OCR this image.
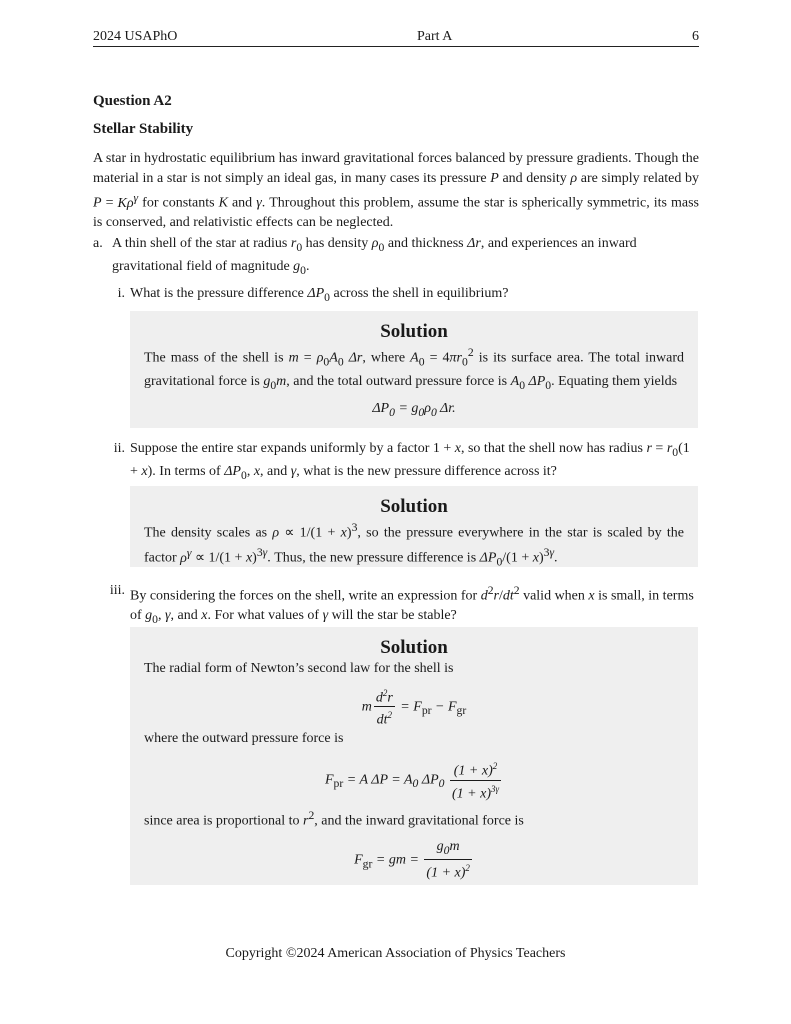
2024 USAPhO	Part A	6
Question A2
Stellar Stability
A star in hydrostatic equilibrium has inward gravitational forces balanced by pressure gradients. Though the material in a star is not simply an ideal gas, in many cases its pressure P and density ρ are simply related by $P = K\rho^\gamma$ for constants K and γ. Throughout this problem, assume the star is spherically symmetric, its mass is conserved, and relativistic effects can be neglected.
a. A thin shell of the star at radius $r_0$ has density $\rho_0$ and thickness Δr, and experiences an inward gravitational field of magnitude $g_0$.
i. What is the pressure difference $\Delta P_0$ across the shell in equilibrium?
Solution
The mass of the shell is $m = \rho_0A_0$ Δr, where $A_0 = 4\pi r_0^2$ is its surface area. The total inward gravitational force is $g_0m$, and the total outward pressure force is $A_0$ $\Delta P_0$. Equating them yields
$\Delta P_0 = g_0\rho_0$ Δr.
ii. Suppose the entire star expands uniformly by a factor 1 + x, so that the shell now has radius $r = r_0(1 + x)$. In terms of $\Delta P_0$, x, and γ, what is the new pressure difference across it?
Solution
The density scales as $\rho \propto 1/(1 + x)^3$, so the pressure everywhere in the star is scaled by the factor $\rho^\gamma \propto 1/(1 + x)^{3\gamma}$. Thus, the new pressure difference is $\Delta P_0/(1 + x)^{3\gamma}$.
iii. By considering the forces on the shell, write an expression for $d^2r/dt^2$ valid when x is small, in terms of $g_0$, γ, and x. For what values of γ will the star be stable?
Solution
The radial form of Newton’s second law for the shell is
m $\frac{d^2r}{dt^2} = F_{pr} - F_{gr}$
where the outward pressure force is
$F_{pr} = A$ $\Delta P = A_0$ $\Delta P_0 \frac{(1 + x)^2}{(1 + x)^{3\gamma}}$
since area is proportional to $r^2$, and the inward gravitational force is
$F_{gr}$ = gm = $\frac{g_0m}{(1 + x)^2}$
Copyright ©2024 American Association of Physics Teachers
